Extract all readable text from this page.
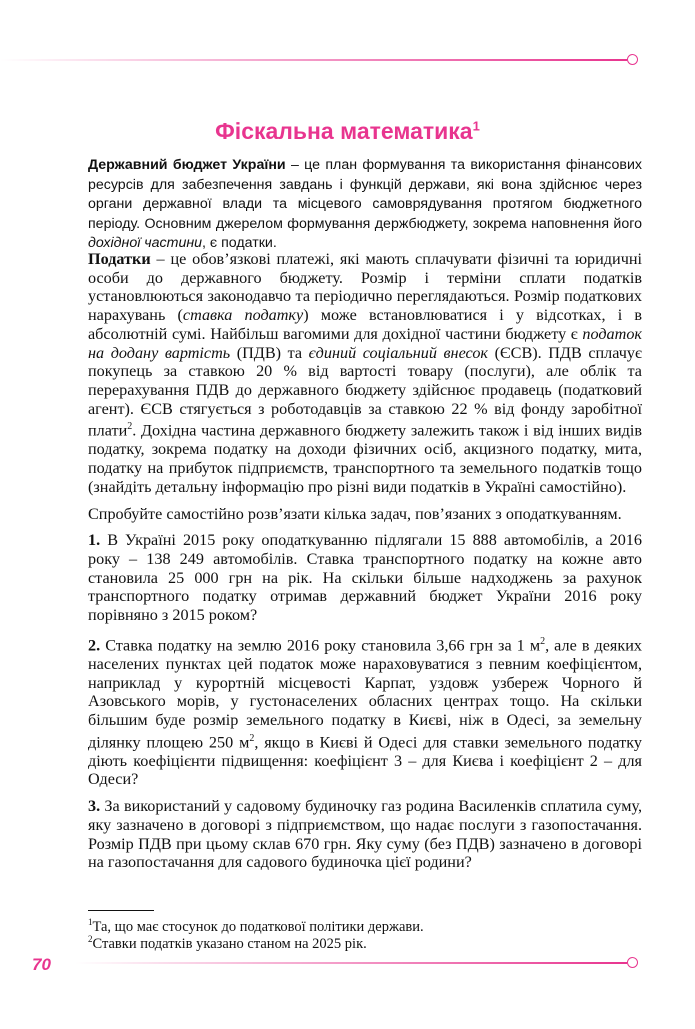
Фіскальна математика$^1$

Державний бюджет України – це план формування та використання фінансових ресурсів для забезпечення завдань і функцій держави, які вона здійснює через органи державної влади та місцевого самоврядування протягом бюджетного періоду. Основним джерелом формування держбюджету, зокрема наповнення його дохідної частини, є податки.

Податки – це обов’язкові платежі, які мають сплачувати фізичні та юридичні особи до державного бюджету. Розмір і терміни сплати податків установлюються законодавчо та періодично переглядаються. Розмір податкових нарахувань (ставка податку) може встановлюватися і у відсотках, і в абсолютній сумі. Найбільш вагомими для дохідної частини бюджету є податок на додану вартість (ПДВ) та єдиний соціальний внесок (ЄСВ). ПДВ сплачує покупець за ставкою 20 % від вартості товару (послуги), але облік та перерахування ПДВ до державного бюджету здійснює продавець (податковий агент). ЄСВ стягується з роботодавців за ставкою 22 % від фонду заробітної плати$^2$. Дохідна частина державного бюджету залежить також і від інших видів податку, зокрема податку на доходи фізичних осіб, акцизного податку, мита, податку на прибуток підприємств, транспортного та земельного податків тощо (знайдіть детальну інформацію про різні види податків в Україні самостійно).

Спробуйте самостійно розв’язати кілька задач, пов’язаних з оподаткуванням.

1. В Україні 2015 року оподаткуванню підлягали 15 888 автомобілів, а 2016 року – 138 249 автомобілів. Ставка транспортного податку на кожне авто становила 25 000 грн на рік. На скільки більше надходжень за рахунок транспортного податку отримав державний бюджет України 2016 року порівняно з 2015 роком?

2. Ставка податку на землю 2016 року становила 3,66 грн за 1 $м^2$, але в деяких населених пунктах цей податок може нараховуватися з певним коефіцієнтом, наприклад у курортній місцевості Карпат, уздовж узбереж Чорного й Азовського морів, у густонаселених обласних центрах тощо. На скільки більшим буде розмір земельного податку в Києві, ніж в Одесі, за земельну ділянку площею 250 $м^2$, якщо в Києві й Одесі для ставки земельного податку діють коефіцієнти підвищення: коефіцієнт 3 – для Києва і коефіцієнт 2 – для Одеси?

3. За використаний у садовому будиночку газ родина Василенків сплатила суму, яку зазначено в договорі з підприємством, що надає послуги з газопостачання. Розмір ПДВ при цьому склав 670 грн. Яку суму (без ПДВ) зазначено в договорі на газопостачання для садового будиночка цієї родини?

$^1$Та, що має стосунок до податкової політики держави.
$^2$Ставки податків указано станом на 2025 рік.
70
